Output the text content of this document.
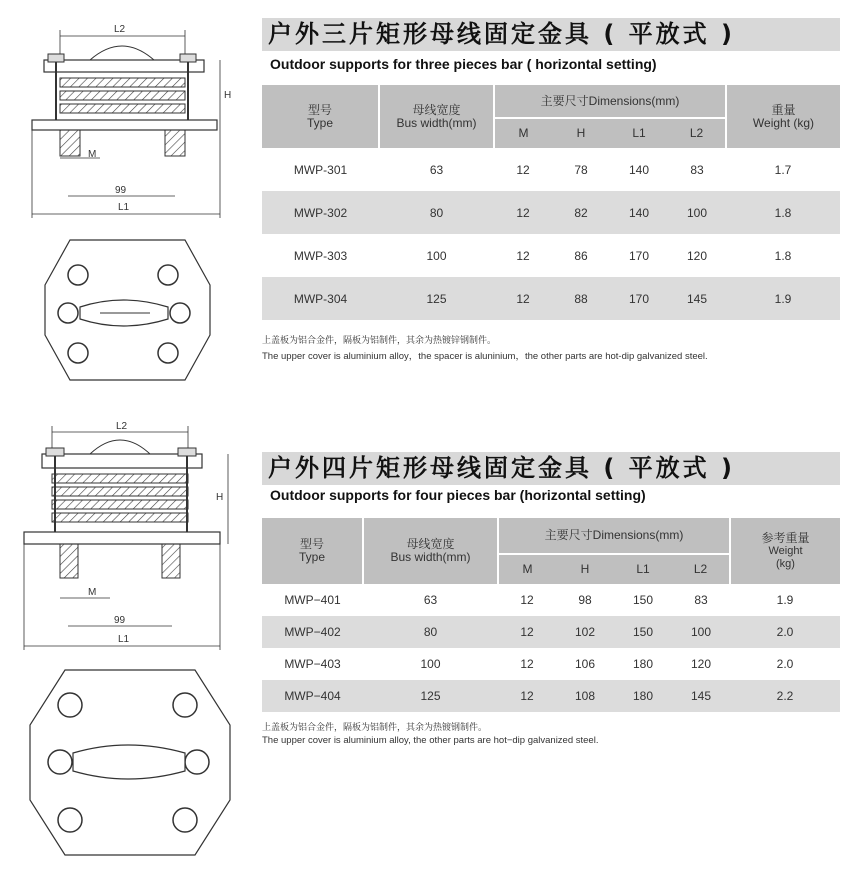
L2
H
M
99
L1
户外三片矩形母线固定金具 ( 平放式 )
Outdoor supports for three pieces bar ( horizontal setting)
型号
Type	母线宽度
Bus width(mm)	主要尺寸Dimensions(mm)				重量
Weight (kg)

		M	H	L1	L2	
MWP-301	63	12	78	140	83	1.7
MWP-302	80	12	82	140	100	1.8
MWP-303	100	12	86	170	120	1.8
MWP-304	125	12	88	170	145	1.9
上盖板为铝合金件，隔板为铝制件，其余为热镀锌钢制件。
The upper cover is aluminium alloy，the spacer is aluninium，the other parts are hot-dip galvanized steel.
L2
H
M
99
L1
户外四片矩形母线固定金具 ( 平放式 )
Outdoor supports for four pieces bar (horizontal setting)
型号
Type	母线宽度
Bus width(mm)	主要尺寸Dimensions(mm)				参考重量
Weight
(kg)

		M	H	L1	L2	
MWP−401	63	12	98	150	83	1.9
MWP−402	80	12	102	150	100	2.0
MWP−403	100	12	106	180	120	2.0
MWP−404	125	12	108	180	145	2.2
上盖板为铝合金件，隔板为铝制件，其余为热镀钢制件。
The upper cover is aluminium alloy, the other parts are hot−dip galvanized steel.
